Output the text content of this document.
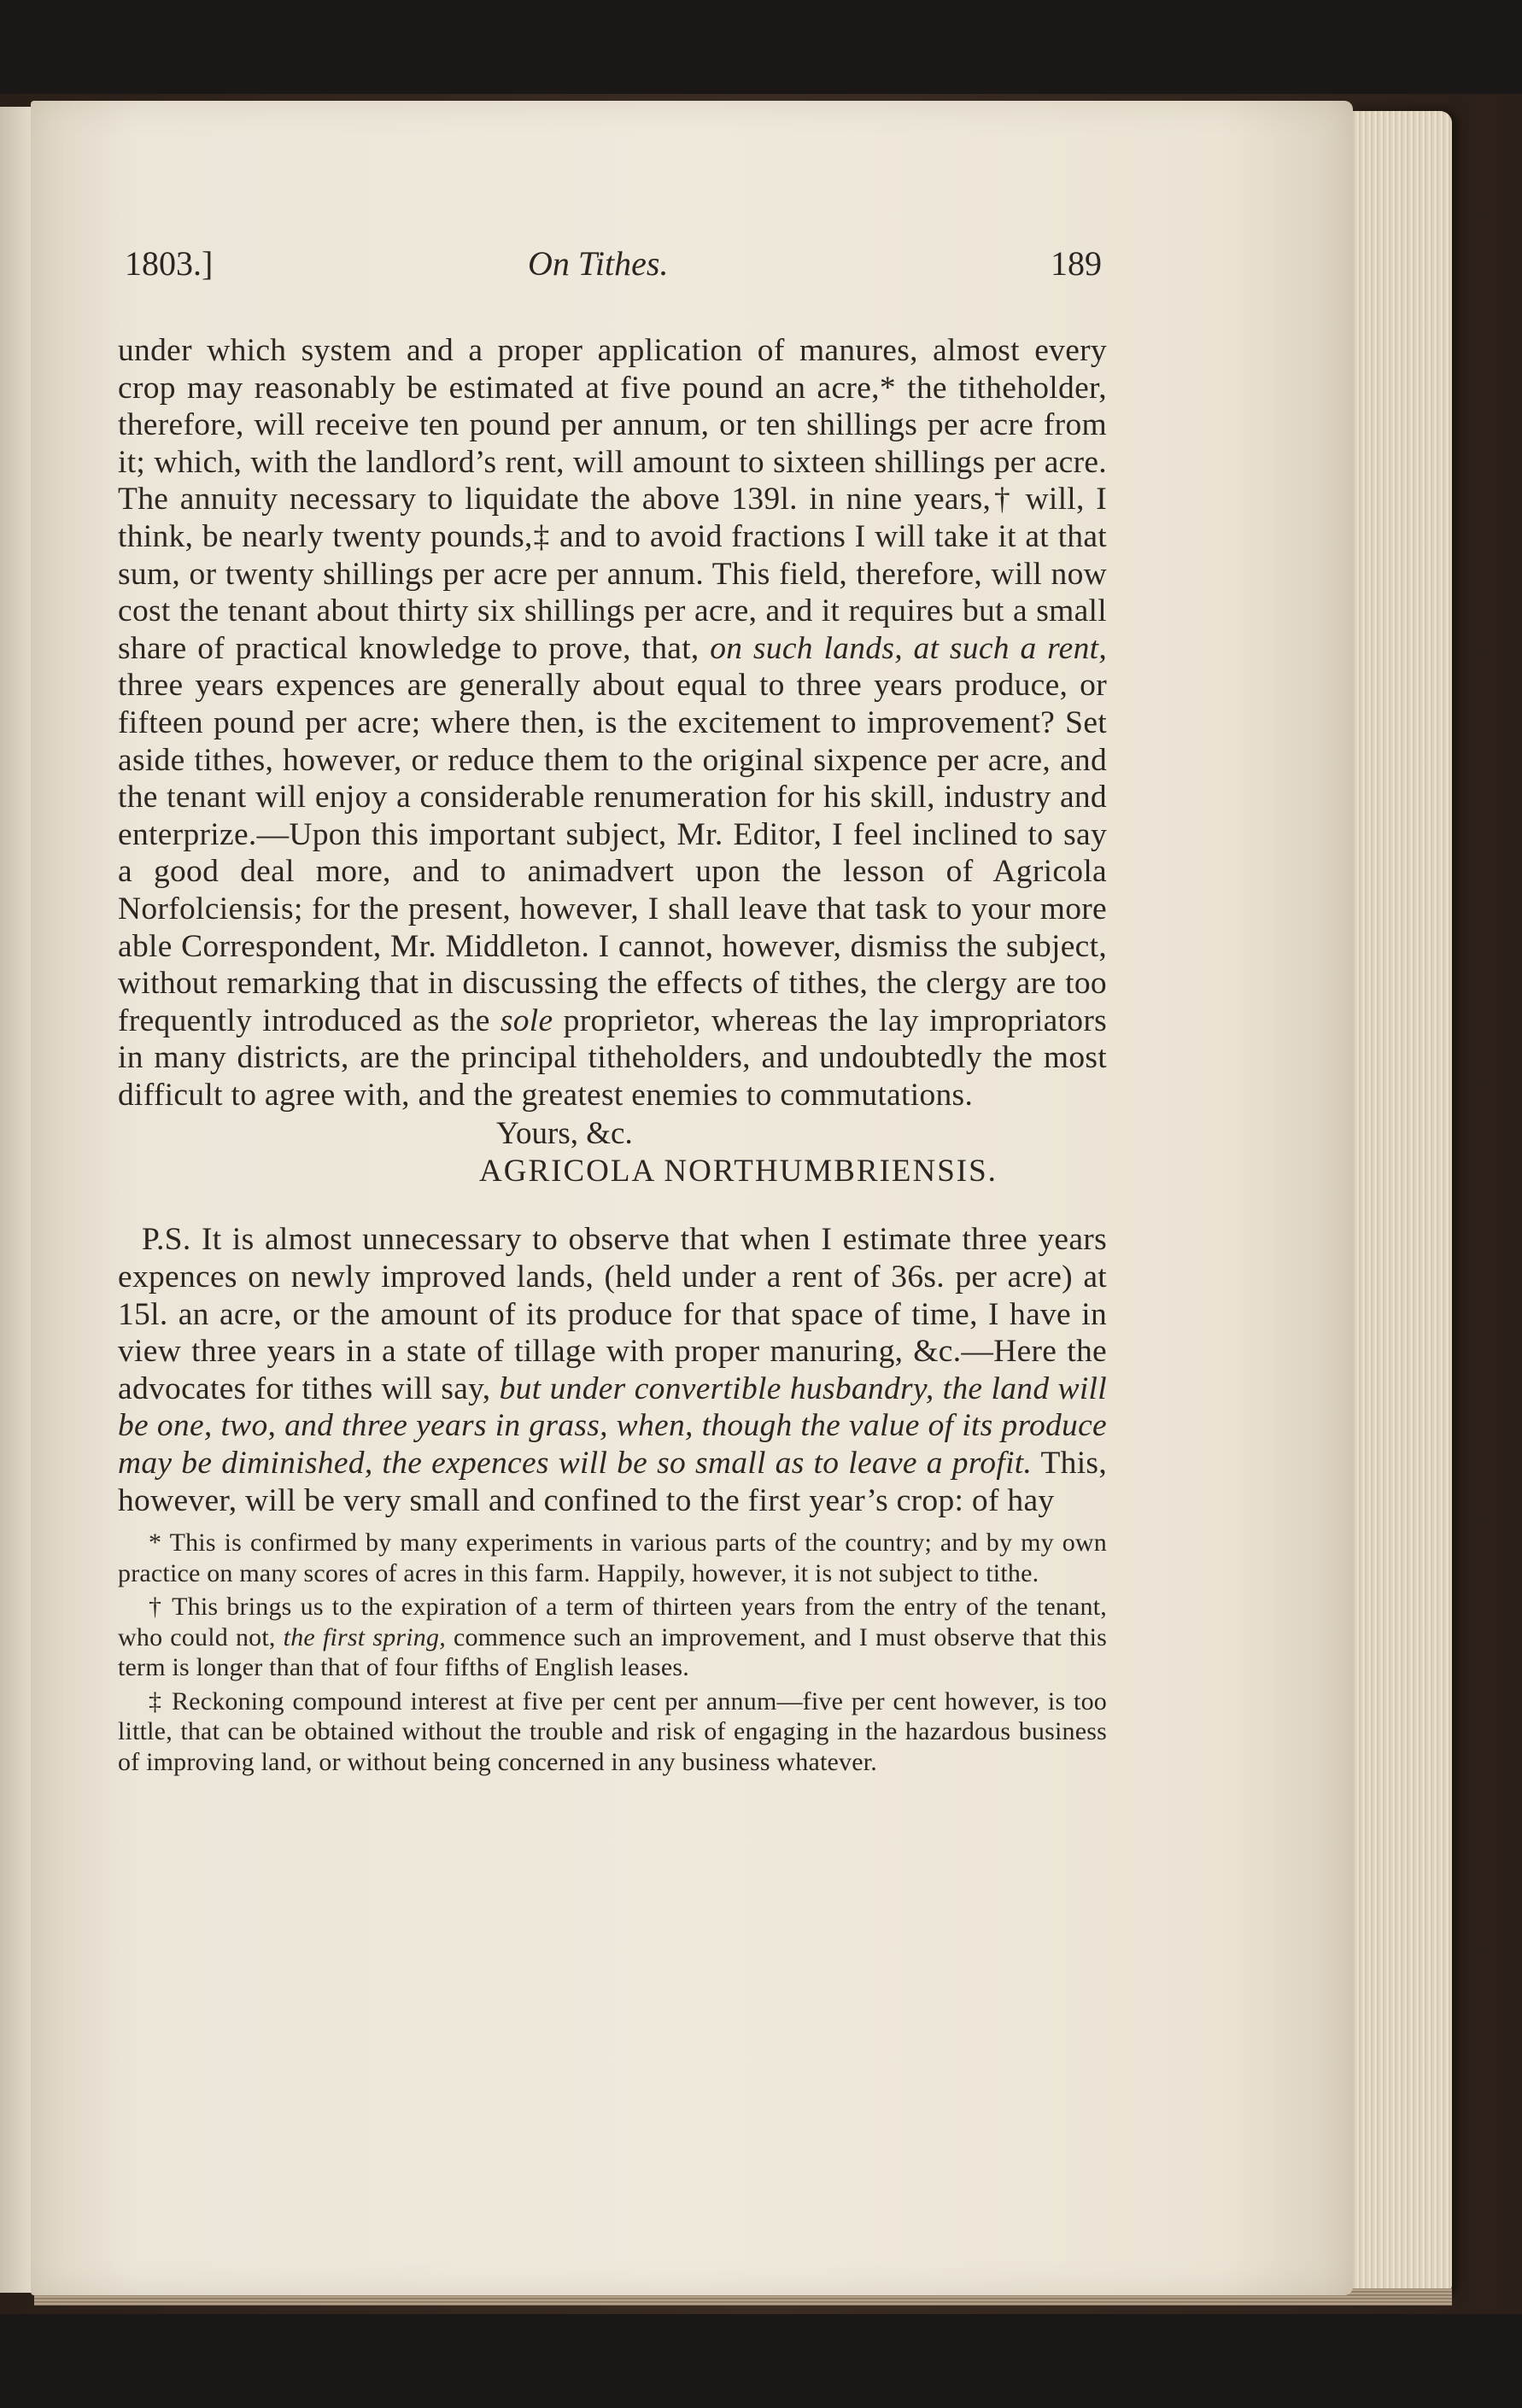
1803.]	On Tithes.	189
under which system and a proper application of manures, almost every crop may reasonably be estimated at five pound an acre,* the titheholder, therefore, will receive ten pound per annum, or ten shillings per acre from it; which, with the landlord’s rent, will amount to sixteen shillings per acre. The annuity necessary to liquidate the above 139l. in nine years,† will, I think, be nearly twenty pounds,‡ and to avoid fractions I will take it at that sum, or twenty shillings per acre per annum. This field, therefore, will now cost the tenant about thirty six shillings per acre, and it requires but a small share of practical knowledge to prove, that, on such lands, at such a rent, three years expences are generally about equal to three years produce, or fifteen pound per acre; where then, is the excitement to improvement? Set aside tithes, however, or reduce them to the original sixpence per acre, and the tenant will enjoy a considerable renumeration for his skill, industry and enterprize.—Upon this important subject, Mr. Editor, I feel inclined to say a good deal more, and to animadvert upon the lesson of Agricola Norfolciensis; for the present, however, I shall leave that task to your more able Correspondent, Mr. Middleton. I cannot, however, dismiss the subject, without remarking that in discussing the effects of tithes, the clergy are too frequently introduced as the sole proprietor, whereas the lay impropriators in many districts, are the principal titheholders, and undoubtedly the most difficult to agree with, and the greatest enemies to commutations.
Yours, &c.
AGRICOLA NORTHUMBRIENSIS.
P.S. It is almost unnecessary to observe that when I estimate three years expences on newly improved lands, (held under a rent of 36s. per acre) at 15l. an acre, or the amount of its produce for that space of time, I have in view three years in a state of tillage with proper manuring, &c.—Here the advocates for tithes will say, but under convertible husbandry, the land will be one, two, and three years in grass, when, though the value of its produce may be diminished, the expences will be so small as to leave a profit. This, however, will be very small and confined to the first year’s crop: of hay

* This is confirmed by many experiments in various parts of the country; and by my own practice on many scores of acres in this farm. Happily, however, it is not subject to tithe.

† This brings us to the expiration of a term of thirteen years from the entry of the tenant, who could not, the first spring, commence such an improvement, and I must observe that this term is longer than that of four fifths of English leases.

‡ Reckoning compound interest at five per cent per annum—five per cent however, is too little, that can be obtained without the trouble and risk of engaging in the hazardous business of improving land, or without being concerned in any business whatever.
